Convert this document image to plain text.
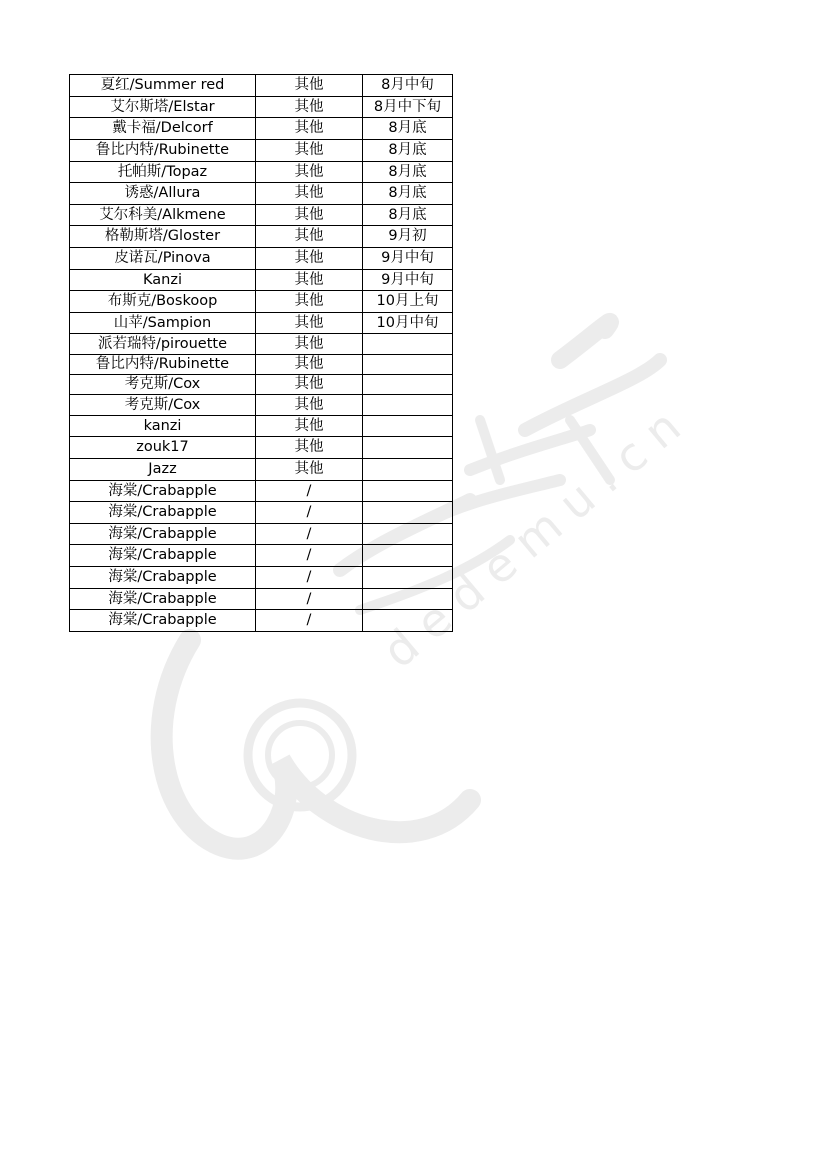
dedemu.cn
夏红/Summer red	其他	8月中旬
艾尔斯塔/Elstar	其他	8月中下旬
戴卡福/Delcorf	其他	8月底
鲁比内特/Rubinette	其他	8月底
托帕斯/Topaz	其他	8月底
诱惑/Allura	其他	8月底
艾尔科美/Alkmene	其他	8月底
格勒斯塔/Gloster	其他	9月初
皮诺瓦/Pinova	其他	9月中旬
Kanzi	其他	9月中旬
布斯克/Boskoop	其他	10月上旬
山苹/Sampion	其他	10月中旬
派若瑞特/pirouette	其他	
鲁比内特/Rubinette	其他	
考克斯/Cox	其他	
考克斯/Cox	其他	
kanzi	其他	
zouk17	其他	
Jazz	其他	
海棠/Crabapple	/	
海棠/Crabapple	/	
海棠/Crabapple	/	
海棠/Crabapple	/	
海棠/Crabapple	/	
海棠/Crabapple	/	
海棠/Crabapple	/	
